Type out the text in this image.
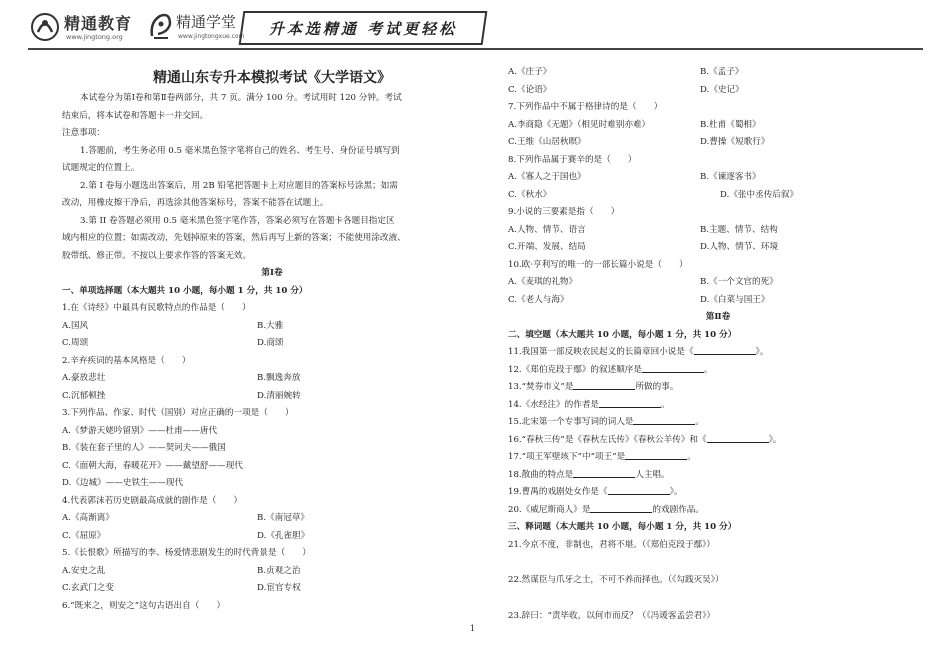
精通教育
www.jingtong.org
精通学堂
www.jingtongxue.com 升本选精通 考试更轻松
精通山东专升本模拟考试《大学语文》
本试卷分为第Ⅰ卷和第Ⅱ卷两部分，共 7 页。满分 100 分。考试用时 120 分钟。考试
结束后，将本试卷和答题卡一并交回。
注意事项：
1.答题前，考生务必用 0.5 毫米黑色签字笔将自己的姓名、考生号、身份证号填写到
试题规定的位置上。
2.第 Ⅰ 卷每小题选出答案后，用 2B 铅笔把答题卡上对应题目的答案标号涂黑；如需
改动，用橡皮擦干净后，再选涂其他答案标号，答案不能答在试题上。
3.第 II 卷答题必须用 0.5 毫米黑色签字笔作答，答案必须写在答题卡各题目指定区
域内相应的位置；如需改动，先划掉原来的答案，然后再写上新的答案；不能使用涂改液、
胶带纸、修正带。不按以上要求作答的答案无效。
第Ⅰ卷
一、单项选择题（本大题共 10 小题，每小题 1 分，共 10 分）
1.在《诗经》中最具有民歌特点的作品是（　　）
A.国风	B.大雅
C.周颂	D.商颂
2.辛弃疾词的基本风格是（　　）
A.豪放悲壮	B.飘逸奔放
C.沉郁顿挫	D.清丽婉转
3.下列作品、作家、时代（国别）对应正确的一项是（　　）
A.《梦游天姥吟留别》——杜甫——唐代
B.《装在套子里的人》——契诃夫——俄国
C.《面朝大海，春暖花开》——戴望舒——现代
D.《边城》——史铁生——现代
4.代表郭沫若历史剧最高成就的剧作是（　　）
A.《高渐离》	B.《南冠草》
C.《屈原》	D.《孔雀胆》
5.《长恨歌》所描写的李、杨爱情悲剧发生的时代背景是（　　）
A.安史之乱	B.贞观之治
C.玄武门之变	D.宦官专权
6.“既来之，则安之”这句古语出自（　　）
A.《庄子》	B.《孟子》
C.《论语》	D.《史记》
7.下列作品中不属于格律诗的是（　　）
A.李商隐《无题》（相见时难别亦难）	B.杜甫《蜀相》
C.王维《山居秋暝》	D.曹操《短歌行》
8.下列作品属于赛辛的是（　　）
A.《寡人之于国也》	B.《谏逐客书》
C.《秋水》	D.《张中丞传后叙》
9.小说的三要素是指（　　）
A.人物、情节、语言	B.主题、情节、结构
C.开端、发展、结局	D.人物、情节、环境
10.欧·亨利写的唯一的一部长篇小说是（　　）
A.《麦琪的礼物》	B.《一个文官的死》
C.《老人与海》	D.《白菜与国王》
第Ⅱ卷
二、填空题（本大题共 10 小题，每小题 1 分，共 10 分）
11.我国第一部反映农民起义的长篇章回小说是《	》。
12.《郑伯克段于鄢》的叙述顺序是	。
13.“焚券市义”是	所做的事。
14.《水经注》的作者是	。
15.北宋第一个专事写词的词人是	。
16.“春秋三传”是《春秋左氏传》《春秋公羊传》和《	》。
17.“项王军壁垓下”中“项王”是	。
18.散曲的特点是	人主唱。
19.曹禺的戏剧处女作是《	》。
20.《威尼斯商人》是	的戏剧作品。
三、释词题（本大题共 10 小题，每小题 1 分，共 10 分）
21.今京不度，非制也，君将不堪。（《郑伯克段于鄢》）
22.然谋臣与爪牙之士，不可不养而择也。（《勾践灭吴》）
23.辞曰：“责毕收，以何市而反？（《冯谖客孟尝君》）
1
